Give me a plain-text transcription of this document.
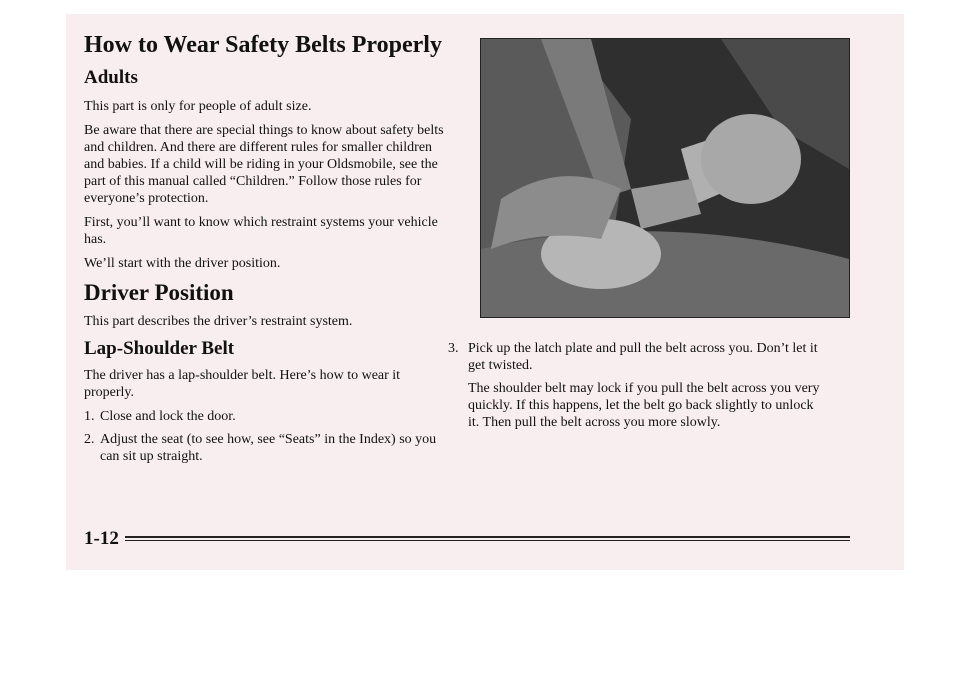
How to Wear Safety Belts Properly
Adults

This part is only for people of adult size.

Be aware that there are special things to know about safety belts and children. And there are different rules for smaller children and babies. If a child will be riding in your Oldsmobile, see the part of this manual called “Children.” Follow those rules for everyone’s protection.

First, you’ll want to know which restraint systems your vehicle has.

We’ll start with the driver position.

Driver Position

This part describes the driver’s restraint system.

Lap-Shoulder Belt

The driver has a lap-shoulder belt. Here’s how to wear it properly.

1. Close and lock the door.
2. Adjust the seat (to see how, see “Seats” in the Index) so you can sit up straight.
3. Pick up the latch plate and pull the belt across you. Don’t let it get twisted.

The shoulder belt may lock if you pull the belt across you very quickly. If this happens, let the belt go back slightly to unlock it. Then pull the belt across you more slowly.

1-12
